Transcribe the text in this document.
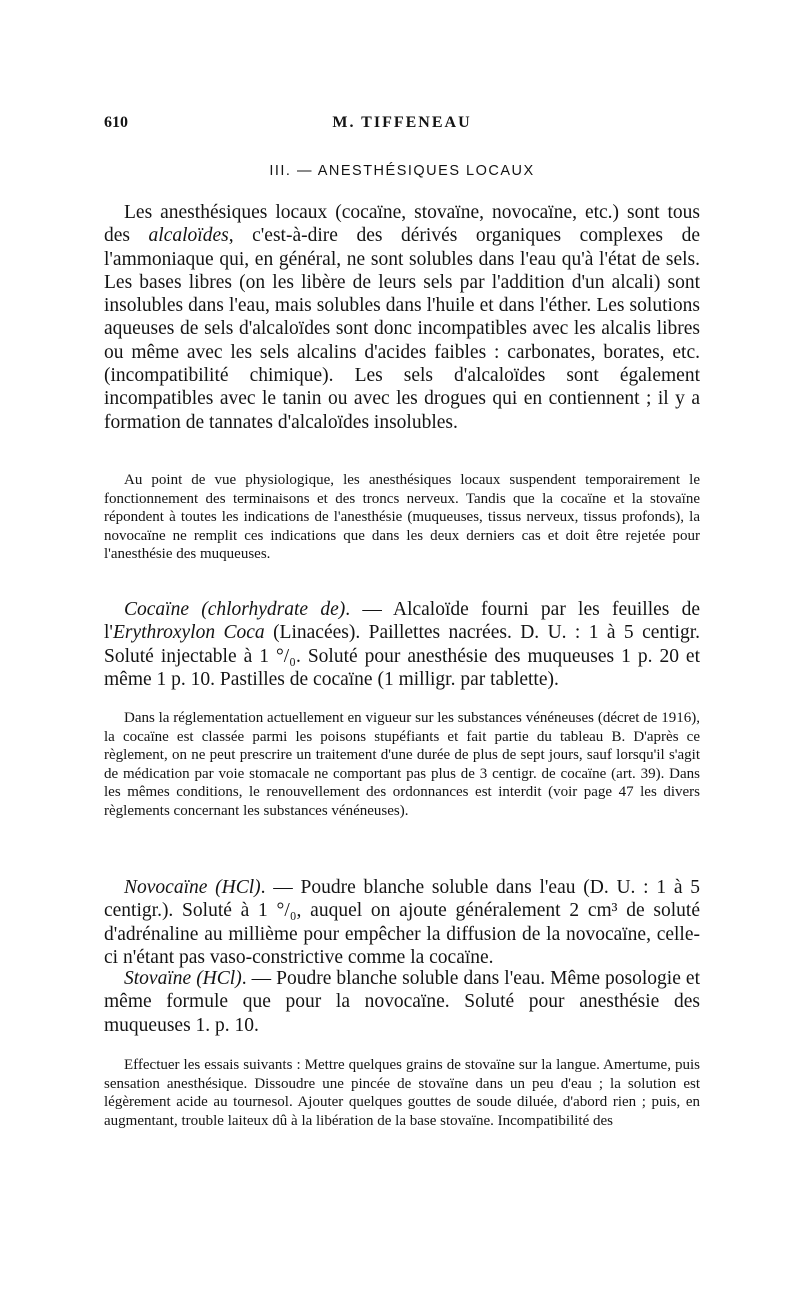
610	M. TIFFENEAU
III. — ANESTHÉSIQUES LOCAUX

Les anesthésiques locaux (cocaïne, stovaïne, novocaïne, etc.) sont tous des alcaloïdes, c'est-à-dire des dérivés organiques complexes de l'ammoniaque qui, en général, ne sont solubles dans l'eau qu'à l'état de sels. Les bases libres (on les libère de leurs sels par l'addition d'un alcali) sont insolubles dans l'eau, mais solubles dans l'huile et dans l'éther. Les solutions aqueuses de sels d'alcaloïdes sont donc incompatibles avec les alcalis libres ou même avec les sels alcalins d'acides faibles : carbonates, borates, etc. (incompatibilité chimique). Les sels d'alcaloïdes sont également incompatibles avec le tanin ou avec les drogues qui en contiennent ; il y a formation de tannates d'alcaloïdes insolubles.

Au point de vue physiologique, les anesthésiques locaux suspendent temporairement le fonctionnement des terminaisons et des troncs nerveux. Tandis que la cocaïne et la stovaïne répondent à toutes les indications de l'anesthésie (muqueuses, tissus nerveux, tissus profonds), la novocaïne ne remplit ces indications que dans les deux derniers cas et doit être rejetée pour l'anesthésie des muqueuses.

Cocaïne (chlorhydrate de). — Alcaloïde fourni par les feuilles de l'Erythroxylon Coca (Linacées). Paillettes nacrées. D. U. : 1 à 5 centigr. Soluté injectable à 1 °/₀. Soluté pour anesthésie des muqueuses 1 p. 20 et même 1 p. 10. Pastilles de cocaïne (1 milligr. par tablette).

Dans la réglementation actuellement en vigueur sur les substances vénéneuses (décret de 1916), la cocaïne est classée parmi les poisons stupéfiants et fait partie du tableau B. D'après ce règlement, on ne peut prescrire un traitement d'une durée de plus de sept jours, sauf lorsqu'il s'agit de médication par voie stomacale ne comportant pas plus de 3 centigr. de cocaïne (art. 39). Dans les mêmes conditions, le renouvellement des ordonnances est interdit (voir page 47 les divers règlements concernant les substances vénéneuses).

Novocaïne (HCl). — Poudre blanche soluble dans l'eau (D. U. : 1 à 5 centigr.). Soluté à 1 °/₀, auquel on ajoute généralement 2 cm³ de soluté d'adrénaline au millième pour empêcher la diffusion de la novocaïne, celle-ci n'étant pas vaso-constrictive comme la cocaïne.

Stovaïne (HCl). — Poudre blanche soluble dans l'eau. Même posologie et même formule que pour la novocaïne. Soluté pour anesthésie des muqueuses 1. p. 10.

Effectuer les essais suivants : Mettre quelques grains de stovaïne sur la langue. Amertume, puis sensation anesthésique. Dissoudre une pincée de stovaïne dans un peu d'eau ; la solution est légèrement acide au tournesol. Ajouter quelques gouttes de soude diluée, d'abord rien ; puis, en augmentant, trouble laiteux dû à la libération de la base stovaïne. Incompatibilité des
